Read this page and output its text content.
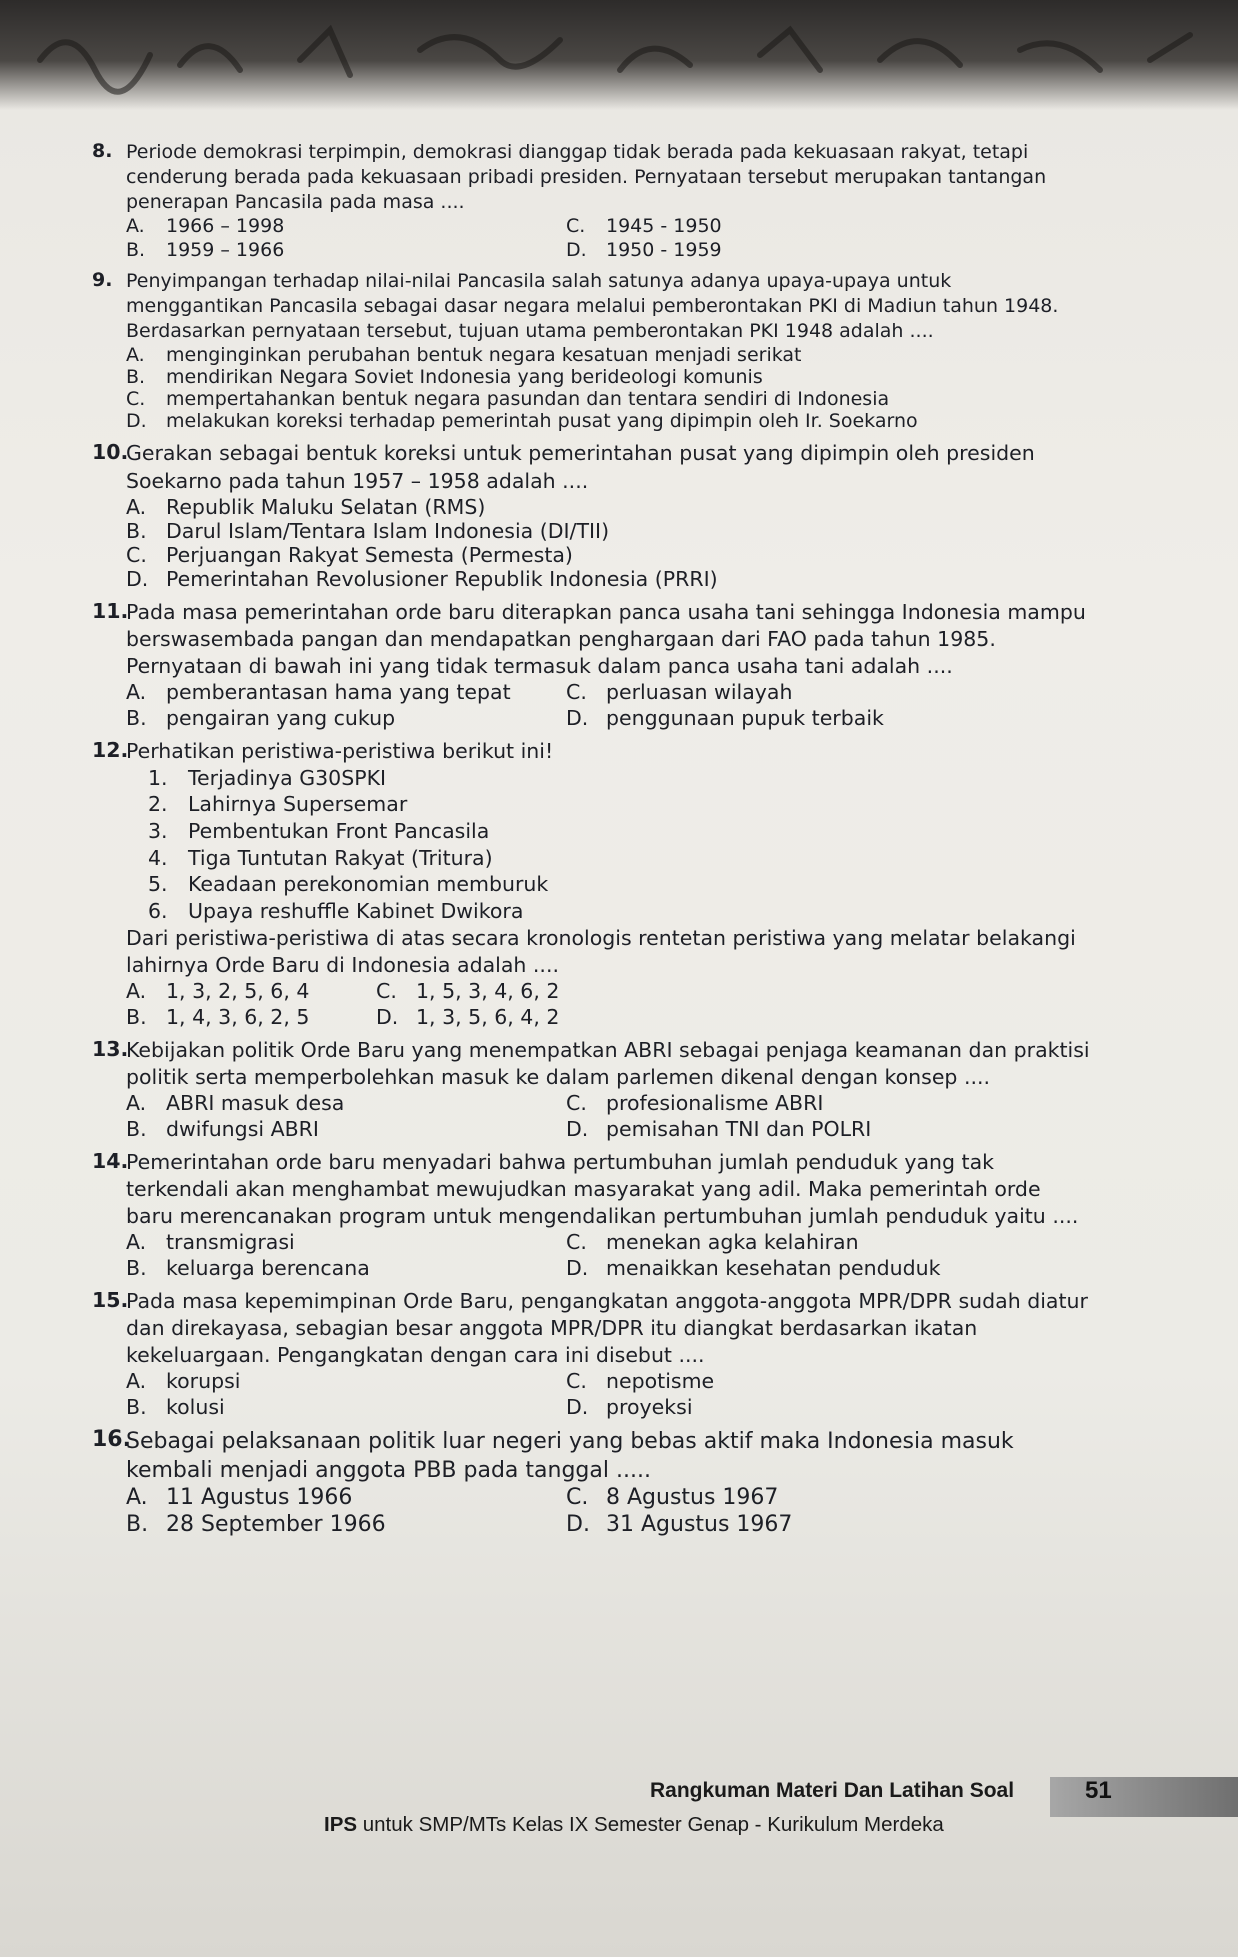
8. Periode demokrasi terpimpin, demokrasi dianggap tidak berada pada kekuasaan rakyat, tetapi cenderung berada pada kekuasaan pribadi presiden. Pernyataan tersebut merupakan tantangan penerapan Pancasila pada masa ....
A.	1966 – 1998	C.	1945 - 1950
B.	1959 – 1966	D.	1950 - 1959
9. Penyimpangan terhadap nilai-nilai Pancasila salah satunya adanya upaya-upaya untuk menggantikan Pancasila sebagai dasar negara melalui pemberontakan PKI di Madiun tahun 1948. Berdasarkan pernyataan tersebut, tujuan utama pemberontakan PKI 1948 adalah ....
A.	menginginkan perubahan bentuk negara kesatuan menjadi serikat
B.	mendirikan Negara Soviet Indonesia yang berideologi komunis
C.	mempertahankan bentuk negara pasundan dan tentara sendiri di Indonesia
D.	melakukan koreksi terhadap pemerintah pusat yang dipimpin oleh Ir. Soekarno
10.
Gerakan sebagai bentuk koreksi untuk pemerintahan pusat yang dipimpin oleh presiden Soekarno pada tahun 1957 – 1958 adalah ....
A. Republik Maluku Selatan (RMS)
B. Darul Islam/Tentara Islam Indonesia (DI/TII)
C. Perjuangan Rakyat Semesta (Permesta)
D. Pemerintahan Revolusioner Republik Indonesia (PRRI)
11.
Pada masa pemerintahan orde baru diterapkan panca usaha tani sehingga Indonesia mampu berswasembada pangan dan mendapatkan penghargaan dari FAO pada tahun 1985. Pernyataan di bawah ini yang tidak termasuk dalam panca usaha tani adalah ....
A. pemberantasan hama yang tepat	C. perluasan wilayah
B. pengairan yang cukup	D. penggunaan pupuk terbaik
12.
Perhatikan peristiwa-peristiwa berikut ini!
1. Terjadinya G30SPKI
2. Lahirnya Supersemar
3. Pembentukan Front Pancasila
4. Tiga Tuntutan Rakyat (Tritura)
5. Keadaan perekonomian memburuk
6. Upaya reshuffle Kabinet Dwikora
Dari peristiwa-peristiwa di atas secara kronologis rentetan peristiwa yang melatar belakangi lahirnya Orde Baru di Indonesia adalah ....
A. 1, 3, 2, 5, 6, 4	C. 1, 5, 3, 4, 6, 2
B. 1, 4, 3, 6, 2, 5	D. 1, 3, 5, 6, 4, 2
13.
Kebijakan politik Orde Baru yang menempatkan ABRI sebagai penjaga keamanan dan praktisi politik serta memperbolehkan masuk ke dalam parlemen dikenal dengan konsep ....
A. ABRI masuk desa	C. profesionalisme ABRI
B. dwifungsi ABRI	D. pemisahan TNI dan POLRI
14.
Pemerintahan orde baru menyadari bahwa pertumbuhan jumlah penduduk yang tak terkendali akan menghambat mewujudkan masyarakat yang adil. Maka pemerintah orde baru merencanakan program untuk mengendalikan pertumbuhan jumlah penduduk yaitu ....
A. transmigrasi	C. menekan agka kelahiran
B. keluarga berencana	D. menaikkan kesehatan penduduk
15.
Pada masa kepemimpinan Orde Baru, pengangkatan anggota-anggota MPR/DPR sudah diatur dan direkayasa, sebagian besar anggota MPR/DPR itu diangkat berdasarkan ikatan kekeluargaan. Pengangkatan dengan cara ini disebut ....
A. korupsi	C. nepotisme
B. kolusi	D. proyeksi
16.
Sebagai pelaksanaan politik luar negeri yang bebas aktif maka Indonesia masuk kembali menjadi anggota PBB pada tanggal .....
A. 11 Agustus 1966	C. 8 Agustus 1967
B. 28 September 1966	D. 31 Agustus 1967
Rangkuman Materi Dan Latihan Soal	51
IPS untuk SMP/MTs Kelas IX Semester Genap - Kurikulum Merdeka
